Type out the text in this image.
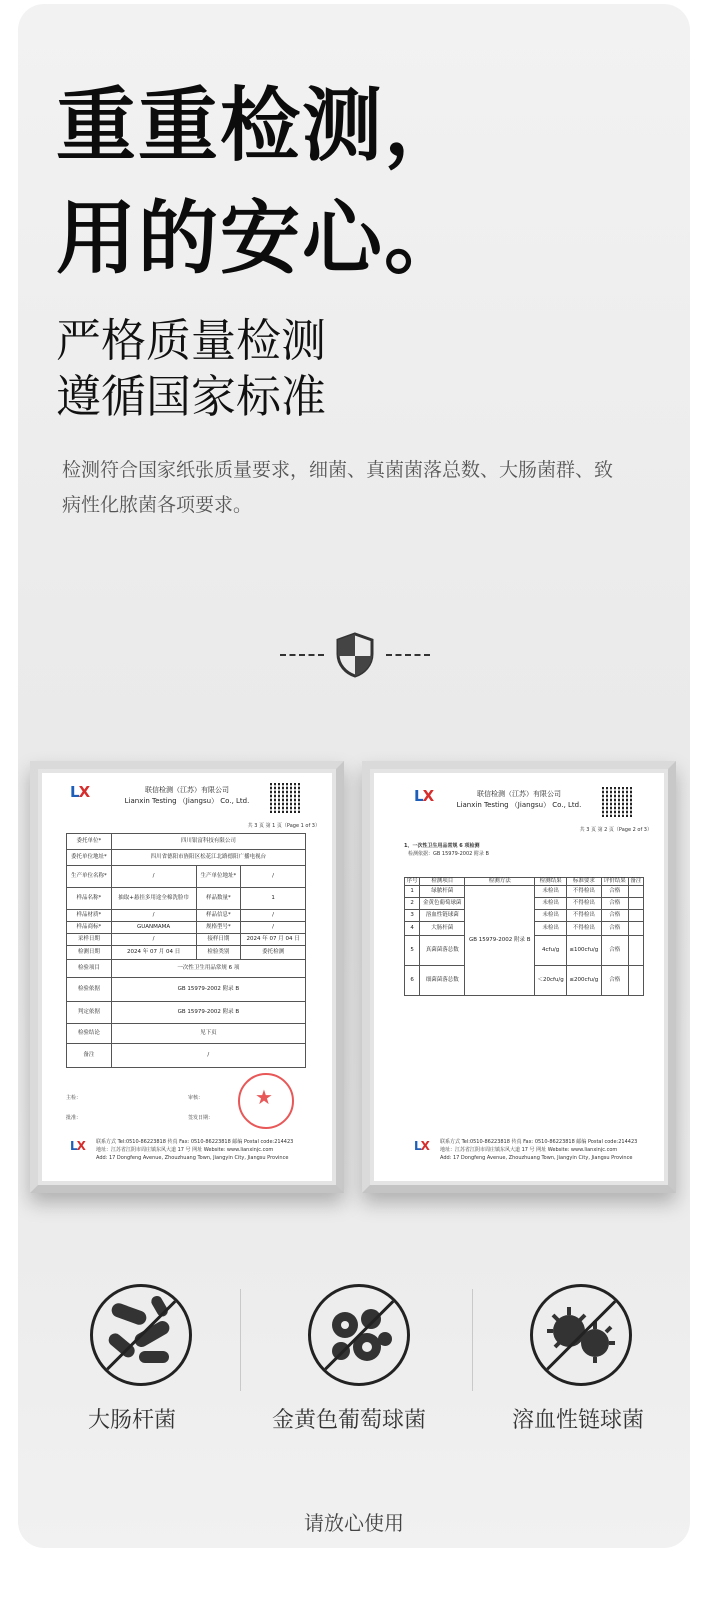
重重检测，
用的安心。
严格质量检测
遵循国家标准
检测符合国家纸张质量要求，细菌、真菌菌落总数、大肠菌群、致病性化脓菌各项要求。
LX	联信检测（江苏）有限公司
Lianxin Testing （Jiangsu） Co., Ltd.
共 3 页 第 1 页（Page 1 of 3）
委托单位*	四川银富科技有限公司		
委托单位地址*	四川省德阳市旌阳区松花江北路德阳广播电视台		
生产单位名称*	/	生产单位地址*	/
样品名称*	抽取+悬挂多用途全棉洗脸巾	样品数量*	1
样品材质*	/	样品信息*	/
样品商标*	GUANMAMA	规格型号*	/
采样日期	/	接样日期	2024 年 07 月 04 日
检测日期	2024 年 07 月 04 日	检验类别	委托检测
检验项目	一次性卫生用品常规 6 项		
检验依据	GB 15979-2002 附录 B		
判定依据	GB 15979-2002 附录 B		
检验结论	见下页		
备注	/		
主检：
批准：
审核：
签发日期：
★
LX 联系方式 Tel:0510-86223818 传真 Fax: 0510-86223818 邮编 Postal code:214423
地址：江苏省江阴市周庄镇东风大道 17 号 网址 Website: www.lianxinjc.com
Add: 17 Dongfeng Avenue, Zhouzhuang Town, Jiangyin City, Jiangsu Province
LX	联信检测（江苏）有限公司
Lianxin Testing （Jiangsu） Co., Ltd.
共 3 页 第 2 页（Page 2 of 3）
1、一次性卫生用品常规 6 项检测
检测依据：GB 15979-2002 附录 B
序号	检测项目	检测方法	检测结果	标准要求	评价结果	备注
1	绿脓杆菌	GB 15979-2002 附录 B	未检出	不得检出	合格	
2	金黄色葡萄球菌		未检出	不得检出	合格	
3	溶血性链球菌		未检出	不得检出	合格	
4	大肠杆菌		未检出	不得检出	合格	
5	真菌菌落总数		4cfu/g	≤100cfu/g	合格	
6	细菌菌落总数		＜20cfu/g	≤200cfu/g	合格	
LX 联系方式 Tel:0510-86223818 传真 Fax: 0510-86223818 邮编 Postal code:214423
地址：江苏省江阴市周庄镇东风大道 17 号 网址 Website: www.lianxinjc.com
Add: 17 Dongfeng Avenue, Zhouzhuang Town, Jiangyin City, Jiangsu Province
大肠杆菌	金黄色葡萄球菌	溶血性链球菌
请放心使用
